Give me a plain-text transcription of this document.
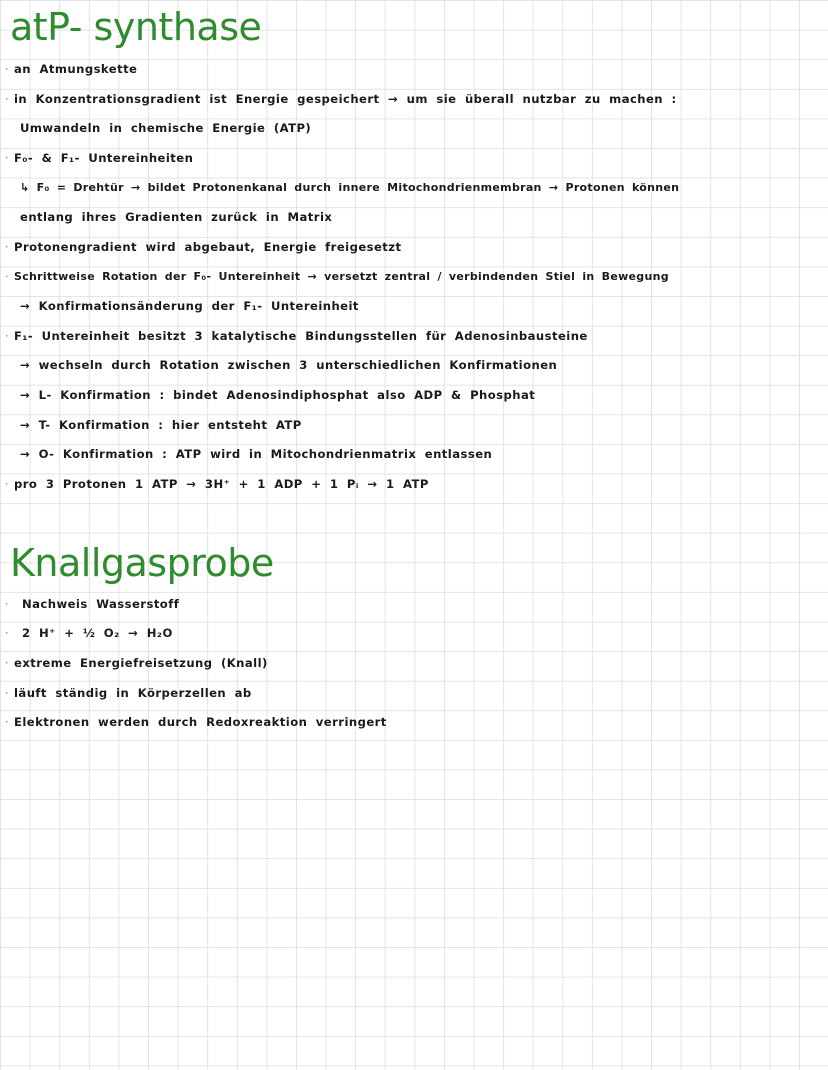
atP- synthase
· an Atmungskette
· in Konzentrationsgradient ist Energie gespeichert → um sie überall nutzbar zu machen :
Umwandeln in chemische Energie (ATP)
· F₀- & F₁- Untereinheiten
↳ F₀ = Drehtür → bildet Protonenkanal durch innere Mitochondrienmembran → Protonen können
entlang ihres Gradienten zurück in Matrix
· Protonengradient wird abgebaut, Energie freigesetzt
· Schrittweise Rotation der F₀- Untereinheit → versetzt zentral / verbindenden Stiel in Bewegung
→ Konfirmationsänderung der F₁- Untereinheit
· F₁- Untereinheit besitzt 3 katalytische Bindungsstellen für Adenosinbausteine
→ wechseln durch Rotation zwischen 3 unterschiedlichen Konfirmationen
→ L- Konfirmation : bindet Adenosindiphosphat also ADP & Phosphat
→ T- Konfirmation : hier entsteht ATP
→ O- Konfirmation : ATP wird in Mitochondrienmatrix entlassen
· pro 3 Protonen 1 ATP → 3H⁺ + 1 ADP + 1 Pᵢ → 1 ATP
Knallgasprobe
· Nachweis Wasserstoff
· 2 H⁺ + ½ O₂ → H₂O
· extreme Energiefreisetzung (Knall)
· läuft ständig in Körperzellen ab
· Elektronen werden durch Redoxreaktion verringert
